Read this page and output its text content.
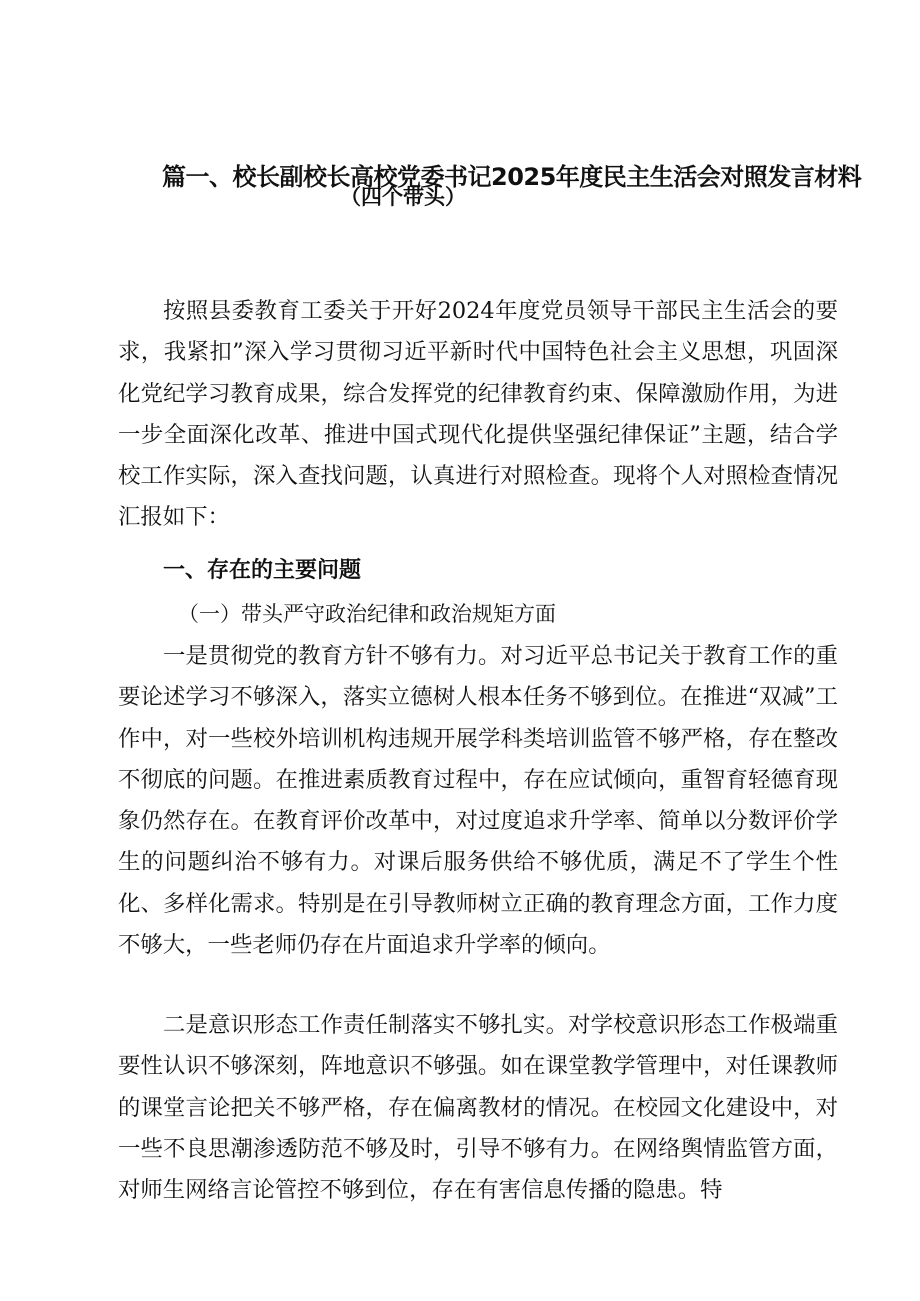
篇一、校长副校长高校党委书记2025年度民主生活会对照发言材料
（四个带头）

按照县委教育工委关于开好2024年度党员领导干部民主生活会的要求，我紧扣”深入学习贯彻习近平新时代中国特色社会主义思想，巩固深化党纪学习教育成果，综合发挥党的纪律教育约束、保障激励作用，为进一步全面深化改革、推进中国式现代化提供坚强纪律保证”主题，结合学校工作实际，深入查找问题，认真进行对照检查。现将个人对照检查情况汇报如下：

一、存在的主要问题
（一）带头严守政治纪律和政治规矩方面

一是贯彻党的教育方针不够有力。对习近平总书记关于教育工作的重要论述学习不够深入，落实立德树人根本任务不够到位。在推进“双减”工作中，对一些校外培训机构违规开展学科类培训监管不够严格，存在整改不彻底的问题。在推进素质教育过程中，存在应试倾向，重智育轻德育现象仍然存在。在教育评价改革中，对过度追求升学率、简单以分数评价学生的问题纠治不够有力。对课后服务供给不够优质，满足不了学生个性化、多样化需求。特别是在引导教师树立正确的教育理念方面，工作力度不够大，一些老师仍存在片面追求升学率的倾向。

二是意识形态工作责任制落实不够扎实。对学校意识形态工作极端重要性认识不够深刻，阵地意识不够强。如在课堂教学管理中，对任课教师的课堂言论把关不够严格，存在偏离教材的情况。在校园文化建设中，对一些不良思潮渗透防范不够及时，引导不够有力。在网络舆情监管方面，对师生网络言论管控不够到位，存在有害信息传播的隐患。特
